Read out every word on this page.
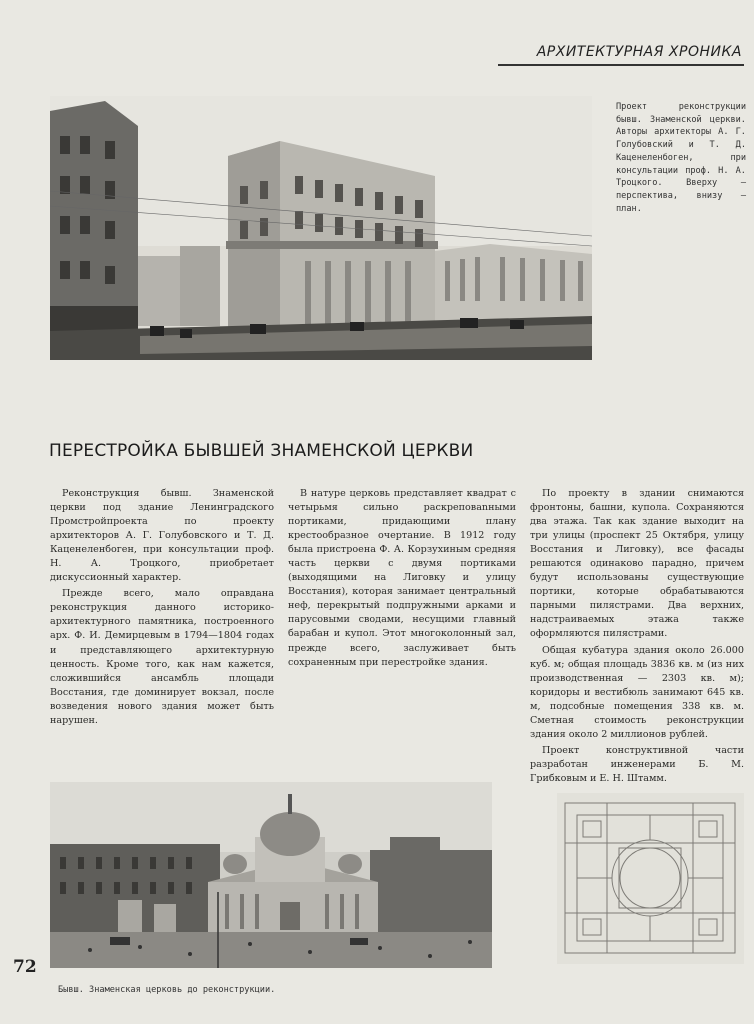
АРХИТЕКТУРНАЯ ХРОНИКА
Проект реконструкции бывш. Знаменской церкви. Авторы архитекторы А. Г. Голубовский и Т. Д. Каценеленбоген, при консультации проф. Н. А. Троцкого. Вверху — перспектива, внизу — план.
ПЕРЕСТРОЙКА БЫВШЕЙ ЗНАМЕНСКОЙ ЦЕРКВИ

Реконструкция бывш. Знаменской церкви под здание Ленинградского Промстройпроекта по проекту архитекторов А. Г. Голубовского и Т. Д. Каценеленбоген, при консультации проф. Н. А. Троцкого, приобретает дискуссионный характер.

Прежде всего, мало оправдана реконструкция данного историко-архитектурного памятника, построенного арх. Ф. И. Демирцевым в 1794—1804 годах и представляющего архитектурную ценность. Кроме того, как нам кажется, сложившийся ансамбль площади Восстания, где доминирует вокзал, после возведения нового здания может быть нарушен.

В натуре церковь представляет квадрат с четырьмя сильно раскреповanными портиками, придающими плану крестообразное очертание. В 1912 году была пристроена Ф. А. Корзухиным средняя часть церкви с двумя портиками (выходящими на Лиговку и улицу Восстания), которая занимает центральный неф, перекрытый подпружными арками и парусовыми сводами, несущими главный барабан и купол. Этот многоколонный зал, прежде всего, заслуживает быть сохраненным при перестройке здания.

По проекту в здании снимаются фронтоны, башни, купола. Сохраняются два этажа. Так как здание выходит на три улицы (проспект 25 Октября, улицу Восстания и Лиговку), все фасады решаются одинаково парадно, причем будут использованы существующие портики, которые обрабатываются парными пилястрами. Два верхних, надстраиваемых этажа также оформляются пилястрами.

Общая кубатура здания около 26.000 куб. м; общая площадь 3836 кв. м (из них производственная — 2303 кв. м); коридоры и вестибюль занимают 645 кв. м, подсобные помещения 338 кв. м. Сметная стоимость реконструкции здания около 2 миллионов рублей.

Проект конструктивной части разработан инженерами Б. М. Грибковым и Е. Н. Штамм.

72
Бывш. Знаменская церковь до реконструкции.
